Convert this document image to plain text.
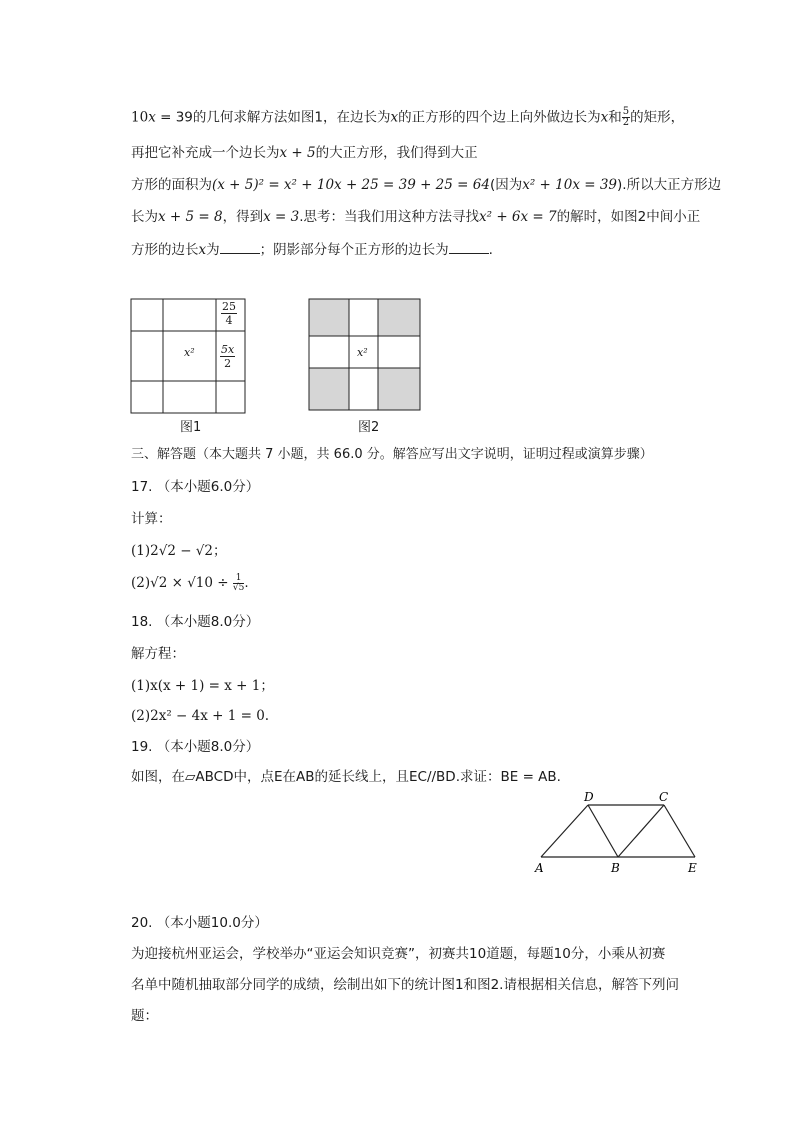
10x = 39的几何求解方法如图1，在边长为x的正方形的四个边上向外做边长为x和 $\frac{5}{2}$ 的矩形，
再把它补充成一个边长为x + 5的大正方形，我们得到大正
方形的面积为(x + 5)² = x² + 10x + 25 = 39 + 25 = 64(因为x² + 10x = 39).所以大正方形边
长为x + 5 = 8，得到x = 3.思考：当我们用这种方法寻找x² + 6x = 7的解时，如图2中间小正
方形的边长x为	；阴影部分每个正方形的边长为	.
x²
$\frac{25}{4}$
$\frac{5x}{2}$
图1
x²
图2
三、解答题（本大题共 7 小题，共 66.0 分。解答应写出文字说明，证明过程或演算步骤）
17. （本小题6.0分）
计算：
(1)2√2 − √2；
$(2)√2 \times √10 \div \frac{1}{√5}$ .
18. （本小题8.0分）
解方程：
(1)x(x + 1) = x + 1；
(2)2x² − 4x + 1 = 0.
19. （本小题8.0分）
如图，在▱ABCD中，点E在AB的延长线上，且EC//BD.求证：BE = AB.
D	C
A	B	E
20. （本小题10.0分）
为迎接杭州亚运会，学校举办“亚运会知识竞赛”，初赛共10道题，每题10分，小乘从初赛
名单中随机抽取部分同学的成绩，绘制出如下的统计图1和图2.请根据相关信息，解答下列问
题：
